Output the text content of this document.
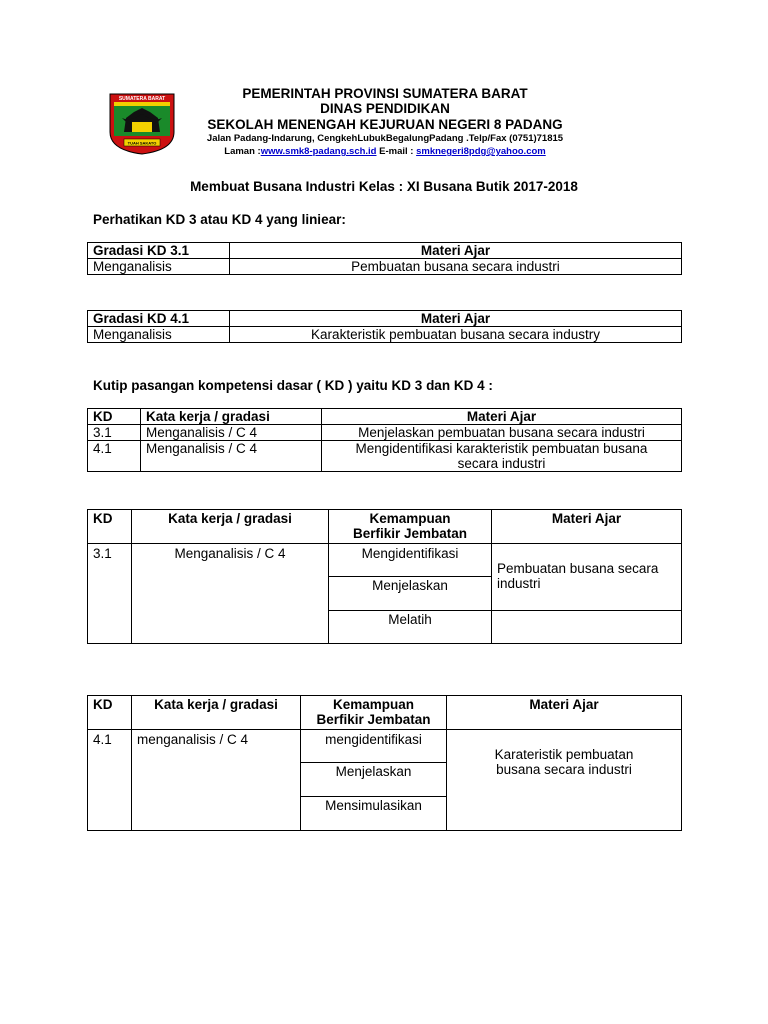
SUMATERA BARAT
TUAH SAKATO
PEMERINTAH PROVINSI SUMATERA BARAT
DINAS PENDIDIKAN
SEKOLAH MENENGAH KEJURUAN NEGERI 8 PADANG
Jalan Padang-Indarung, CengkehLubukBegalungPadang .Telp/Fax (0751)71815
Laman :www.smk8-padang.sch.id E-mail : smknegeri8pdg@yahoo.com
Membuat Busana Industri Kelas : XI Busana Butik 2017-2018
Perhatikan KD 3 atau KD 4 yang liniear:
Gradasi KD 3.1	Materi Ajar
Menganalisis	Pembuatan busana secara industri
Gradasi KD 4.1	Materi Ajar
Menganalisis	Karakteristik pembuatan busana secara industry
Kutip pasangan kompetensi dasar ( KD ) yaitu KD 3 dan KD 4 :
KD	Kata kerja / gradasi	Materi Ajar
3.1	Menganalisis / C 4	Menjelaskan pembuatan busana secara industri
4.1	Menganalisis / C 4	Mengidentifikasi karakteristik pembuatan busana
secara industri
KD	Kata kerja / gradasi	Kemampuan
Berfikir Jembatan	Materi Ajar
3.1	Menganalisis / C 4	Mengidentifikasi	Pembuatan busana secara
industri

		Menjelaskan	
		Melatih	
KD	Kata kerja / gradasi	Kemampuan
Berfikir Jembatan	Materi Ajar
4.1	menganalisis / C 4	mengidentifikasi	Karateristik pembuatan
busana secara industri

		Menjelaskan	
		Mensimulasikan	
